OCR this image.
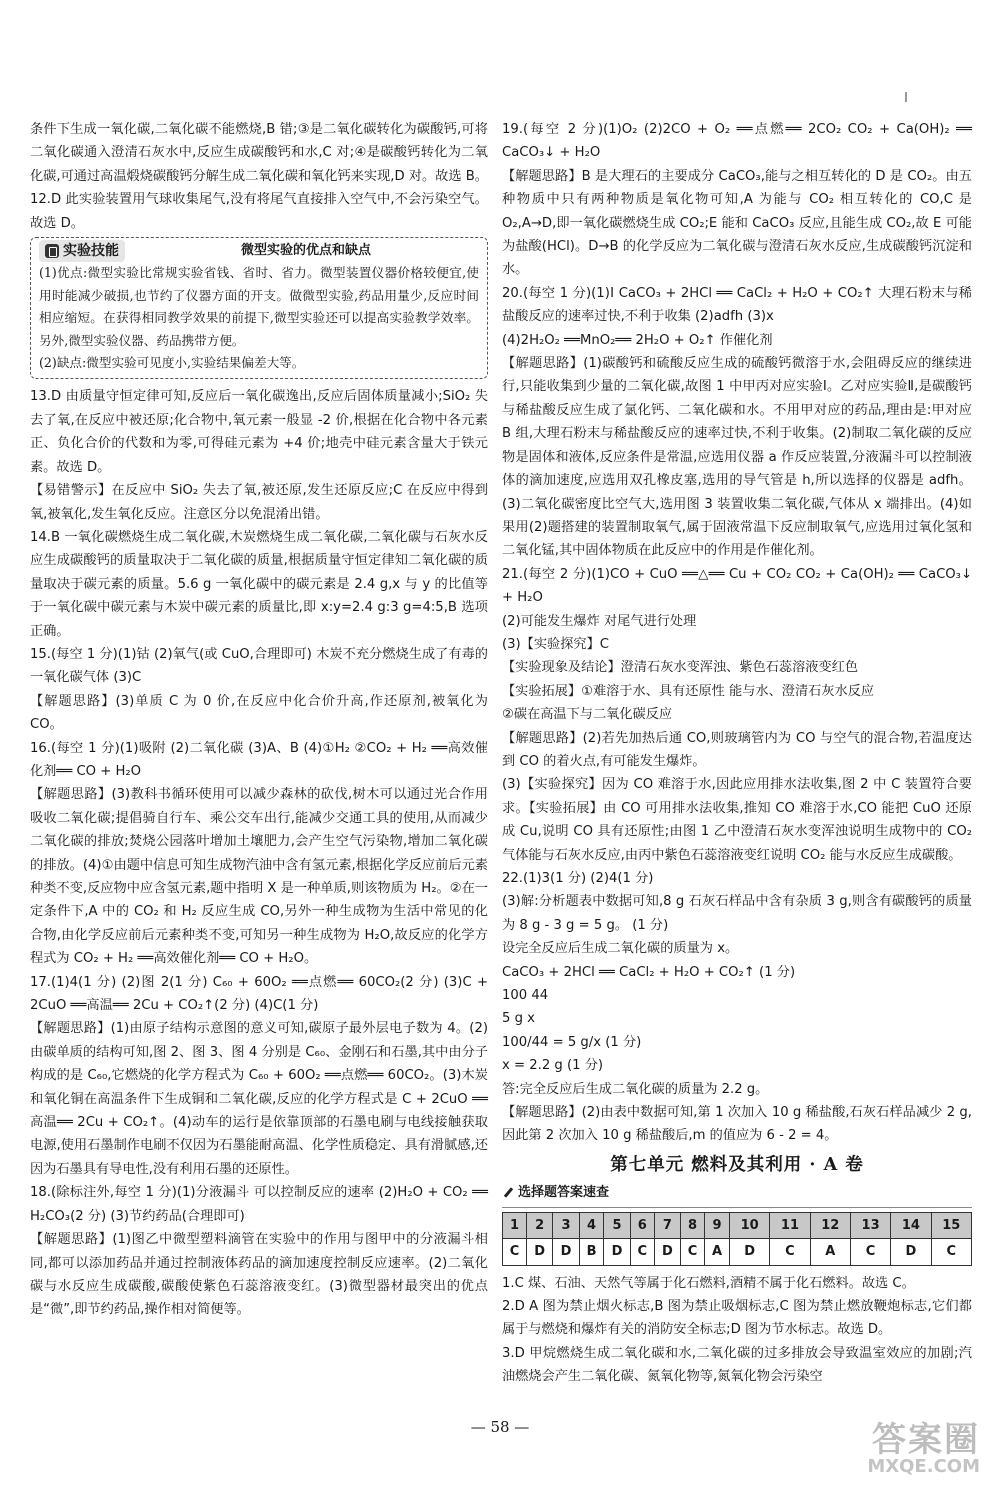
条件下生成一氧化碳,二氧化碳不能燃烧,B 错;③是二氧化碳转化为碳酸钙,可将二氧化碳通入澄清石灰水中,反应生成碳酸钙和水,C 对;④是碳酸钙转化为二氧化碳,可通过高温煅烧碳酸钙分解生成二氧化碳和氧化钙来实现,D 对。故选 B。

12.D 此实验装置用气球收集尾气,没有将尾气直接排入空气中,不会污染空气。故选 D。

实验技能	微型实验的优点和缺点

(1)优点:微型实验比常规实验省钱、省时、省力。微型装置仪器价格较便宜,使用时能减少破损,也节约了仪器方面的开支。做微型实验,药品用量少,反应时间相应缩短。在获得相同教学效果的前提下,微型实验还可以提高实验教学效率。另外,微型实验仪器、药品携带方便。

(2)缺点:微型实验可见度小,实验结果偏差大等。

13.D 由质量守恒定律可知,反应后一氧化碳逸出,反应后固体质量减小;SiO₂ 失去了氧,在反应中被还原;化合物中,氧元素一般显 -2 价,根据在化合物中各元素正、负化合价的代数和为零,可得硅元素为 +4 价;地壳中硅元素含量大于铁元素。故选 D。

【易错警示】在反应中 SiO₂ 失去了氧,被还原,发生还原反应;C 在反应中得到氧,被氧化,发生氧化反应。注意区分以免混淆出错。

14.B 一氧化碳燃烧生成二氧化碳,木炭燃烧生成二氧化碳,二氧化碳与石灰水反应生成碳酸钙的质量取决于二氧化碳的质量,根据质量守恒定律知二氧化碳的质量取决于碳元素的质量。5.6 g 一氧化碳中的碳元素是 2.4 g,x 与 y 的比值等于一氧化碳中碳元素与木炭中碳元素的质量比,即 x:y=2.4 g:3 g=4:5,B 选项正确。

15.(每空 1 分)(1)钴 (2)氧气(或 CuO,合理即可) 木炭不充分燃烧生成了有毒的一氧化碳气体 (3)C

【解题思路】(3)单质 C 为 0 价,在反应中化合价升高,作还原剂,被氧化为 CO。

16.(每空 1 分)(1)吸附 (2)二氧化碳 (3)A、B (4)①H₂ ②CO₂ + H₂ ══高效催化剂══ CO + H₂O

【解题思路】(3)教科书循环使用可以减少森林的砍伐,树木可以通过光合作用吸收二氧化碳;提倡骑自行车、乘公交车出行,能减少交通工具的使用,从而减少二氧化碳的排放;焚烧公园落叶增加土壤肥力,会产生空气污染物,增加二氧化碳的排放。(4)①由题中信息可知生成物汽油中含有氢元素,根据化学反应前后元素种类不变,反应物中应含氢元素,题中指明 X 是一种单质,则该物质为 H₂。②在一定条件下,A 中的 CO₂ 和 H₂ 反应生成 CO,另外一种生成物为生活中常见的化合物,由化学反应前后元素种类不变,可知另一种生成物为 H₂O,故反应的化学方程式为 CO₂ + H₂ ══高效催化剂══ CO + H₂O。

17.(1)4(1 分) (2)图 2(1 分) C₆₀ + 60O₂ ══点燃══ 60CO₂(2 分) (3)C + 2CuO ══高温══ 2Cu + CO₂↑(2 分) (4)C(1 分)

【解题思路】(1)由原子结构示意图的意义可知,碳原子最外层电子数为 4。(2)由碳单质的结构可知,图 2、图 3、图 4 分别是 C₆₀、金刚石和石墨,其中由分子构成的是 C₆₀,它燃烧的化学方程式为 C₆₀ + 60O₂ ══点燃══ 60CO₂。(3)木炭和氧化铜在高温条件下生成铜和二氧化碳,反应的化学方程式是 C + 2CuO ══高温══ 2Cu + CO₂↑。(4)动车的运行是依靠顶部的石墨电刷与电线接触获取电源,使用石墨制作电刷不仅因为石墨能耐高温、化学性质稳定、具有滑腻感,还因为石墨具有导电性,没有利用石墨的还原性。

18.(除标注外,每空 1 分)(1)分液漏斗 可以控制反应的速率 (2)H₂O + CO₂ ══ H₂CO₃(2 分) (3)节约药品(合理即可)

【解题思路】(1)图乙中微型塑料滴管在实验中的作用与图甲中的分液漏斗相同,都可以添加药品并通过控制液体药品的滴加速度控制反应速率。(2)二氧化碳与水反应生成碳酸,碳酸使紫色石蕊溶液变红。(3)微型器材最突出的优点是“微”,即节约药品,操作相对简便等。

19.(每空 2 分)(1)O₂ (2)2CO + O₂ ══点燃══ 2CO₂ CO₂ + Ca(OH)₂ ══ CaCO₃↓ + H₂O

【解题思路】B 是大理石的主要成分 CaCO₃,能与之相互转化的 D 是 CO₂。由五种物质中只有两种物质是氧化物可知,A 为能与 CO₂ 相互转化的 CO,C 是 O₂,A→D,即一氧化碳燃烧生成 CO₂;E 能和 CaCO₃ 反应,且能生成 CO₂,故 E 可能为盐酸(HCl)。D→B 的化学反应为二氧化碳与澄清石灰水反应,生成碳酸钙沉淀和水。

20.(每空 1 分)(1)Ⅰ CaCO₃ + 2HCl ══ CaCl₂ + H₂O + CO₂↑ 大理石粉末与稀盐酸反应的速率过快,不利于收集 (2)adfh (3)x

(4)2H₂O₂ ══MnO₂══ 2H₂O + O₂↑ 作催化剂

【解题思路】(1)碳酸钙和硫酸反应生成的硫酸钙微溶于水,会阻碍反应的继续进行,只能收集到少量的二氧化碳,故图 1 中甲丙对应实验Ⅰ。乙对应实验Ⅱ,是碳酸钙与稀盐酸反应生成了氯化钙、二氧化碳和水。不用甲对应的药品,理由是:甲对应 B 组,大理石粉末与稀盐酸反应的速率过快,不利于收集。(2)制取二氧化碳的反应物是固体和液体,反应条件是常温,应选用仪器 a 作反应装置,分液漏斗可以控制液体的滴加速度,应选用双孔橡皮塞,选用的导气管是 h,所以选择的仪器是 adfh。(3)二氧化碳密度比空气大,选用图 3 装置收集二氧化碳,气体从 x 端排出。(4)如果用(2)题搭建的装置制取氧气,属于固液常温下反应制取氧气,应选用过氧化氢和二氧化锰,其中固体物质在此反应中的作用是作催化剂。

21.(每空 2 分)(1)CO + CuO ══△══ Cu + CO₂ CO₂ + Ca(OH)₂ ══ CaCO₃↓ + H₂O

(2)可能发生爆炸 对尾气进行处理

(3)【实验探究】C

【实验现象及结论】澄清石灰水变浑浊、紫色石蕊溶液变红色

【实验拓展】①难溶于水、具有还原性 能与水、澄清石灰水反应

②碳在高温下与二氧化碳反应

【解题思路】(2)若先加热后通 CO,则玻璃管内为 CO 与空气的混合物,若温度达到 CO 的着火点,有可能发生爆炸。

(3)【实验探究】因为 CO 难溶于水,因此应用排水法收集,图 2 中 C 装置符合要求。【实验拓展】由 CO 可用排水法收集,推知 CO 难溶于水,CO 能把 CuO 还原成 Cu,说明 CO 具有还原性;由图 1 乙中澄清石灰水变浑浊说明生成物中的 CO₂ 气体能与石灰水反应,由丙中紫色石蕊溶液变红说明 CO₂ 能与水反应生成碳酸。

22.(1)3(1 分) (2)4(1 分)

(3)解:分析题表中数据可知,8 g 石灰石样品中含有杂质 3 g,则含有碳酸钙的质量为 8 g - 3 g = 5 g。 (1 分)

设完全反应后生成二氧化碳的质量为 x。

CaCO₃ + 2HCl ══ CaCl₂ + H₂O + CO₂↑ (1 分)

100 44

5 g x

100/44 = 5 g/x (1 分)

x = 2.2 g (1 分)

答:完全反应后生成二氧化碳的质量为 2.2 g。

【解题思路】(2)由表中数据可知,第 1 次加入 10 g 稀盐酸,石灰石样品减少 2 g,因此第 2 次加入 10 g 稀盐酸后,m 的值应为 6 - 2 = 4。

第七单元 燃料及其利用 · A 卷
选择题答案速查
1	2	3	4	5	6	7	8	9	10	11	12	13	14	15
C	D	D	B	D	C	D	C	A	D	C	A	C	D	C

1.C 煤、石油、天然气等属于化石燃料,酒精不属于化石燃料。故选 C。

2.D A 图为禁止烟火标志,B 图为禁止吸烟标志,C 图为禁止燃放鞭炮标志,它们都属于与燃烧和爆炸有关的消防安全标志;D 图为节水标志。故选 D。

3.D 甲烷燃烧生成二氧化碳和水,二氧化碳的过多排放会导致温室效应的加剧;汽油燃烧会产生二氧化碳、氮氧化物等,氮氧化物会污染空

— 58 —	答案圈
MXQE.COM
